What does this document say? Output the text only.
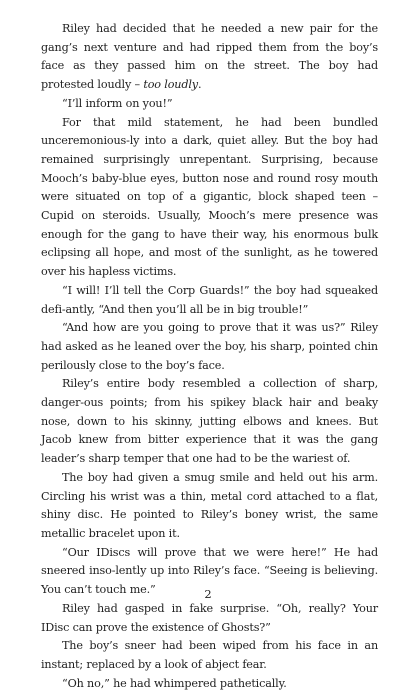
Riley had decided that he needed a new pair for the gang’s next venture and had ripped them from the boy’s face as they passed him on the street. The boy had protested loudly – too loudly.

“I’ll inform on you!”

For that mild statement, he had been bundled unceremonious-ly into a dark, quiet alley. But the boy had remained surprisingly unrepentant. Surprising, because Mooch’s baby-blue eyes, button nose and round rosy mouth were situated on top of a gigantic, block shaped teen – Cupid on steroids. Usually, Mooch’s mere presence was enough for the gang to have their way, his enormous bulk eclipsing all hope, and most of the sunlight, as he towered over his hapless victims.

“I will! I’ll tell the Corp Guards!” the boy had squeaked defi-antly, “And then you’ll all be in big trouble!”

“And how are you going to prove that it was us?” Riley had asked as he leaned over the boy, his sharp, pointed chin perilously close to the boy’s face.

Riley’s entire body resembled a collection of sharp, danger-ous points; from his spikey black hair and beaky nose, down to his skinny, jutting elbows and knees. But Jacob knew from bitter experience that it was the gang leader’s sharp temper that one had to be the wariest of.

The boy had given a smug smile and held out his arm. Circling his wrist was a thin, metal cord attached to a flat, shiny disc. He pointed to Riley’s boney wrist, the same metallic bracelet upon it.

“Our IDiscs will prove that we were here!” He had sneered inso-lently up into Riley’s face. “Seeing is believing. You can’t touch me.”

Riley had gasped in fake surprise. “Oh, really? Your IDisc can prove the existence of Ghosts?”

The boy’s sneer had been wiped from his face in an instant; replaced by a look of abject fear.

“Oh no,” he had whimpered pathetically.

2
